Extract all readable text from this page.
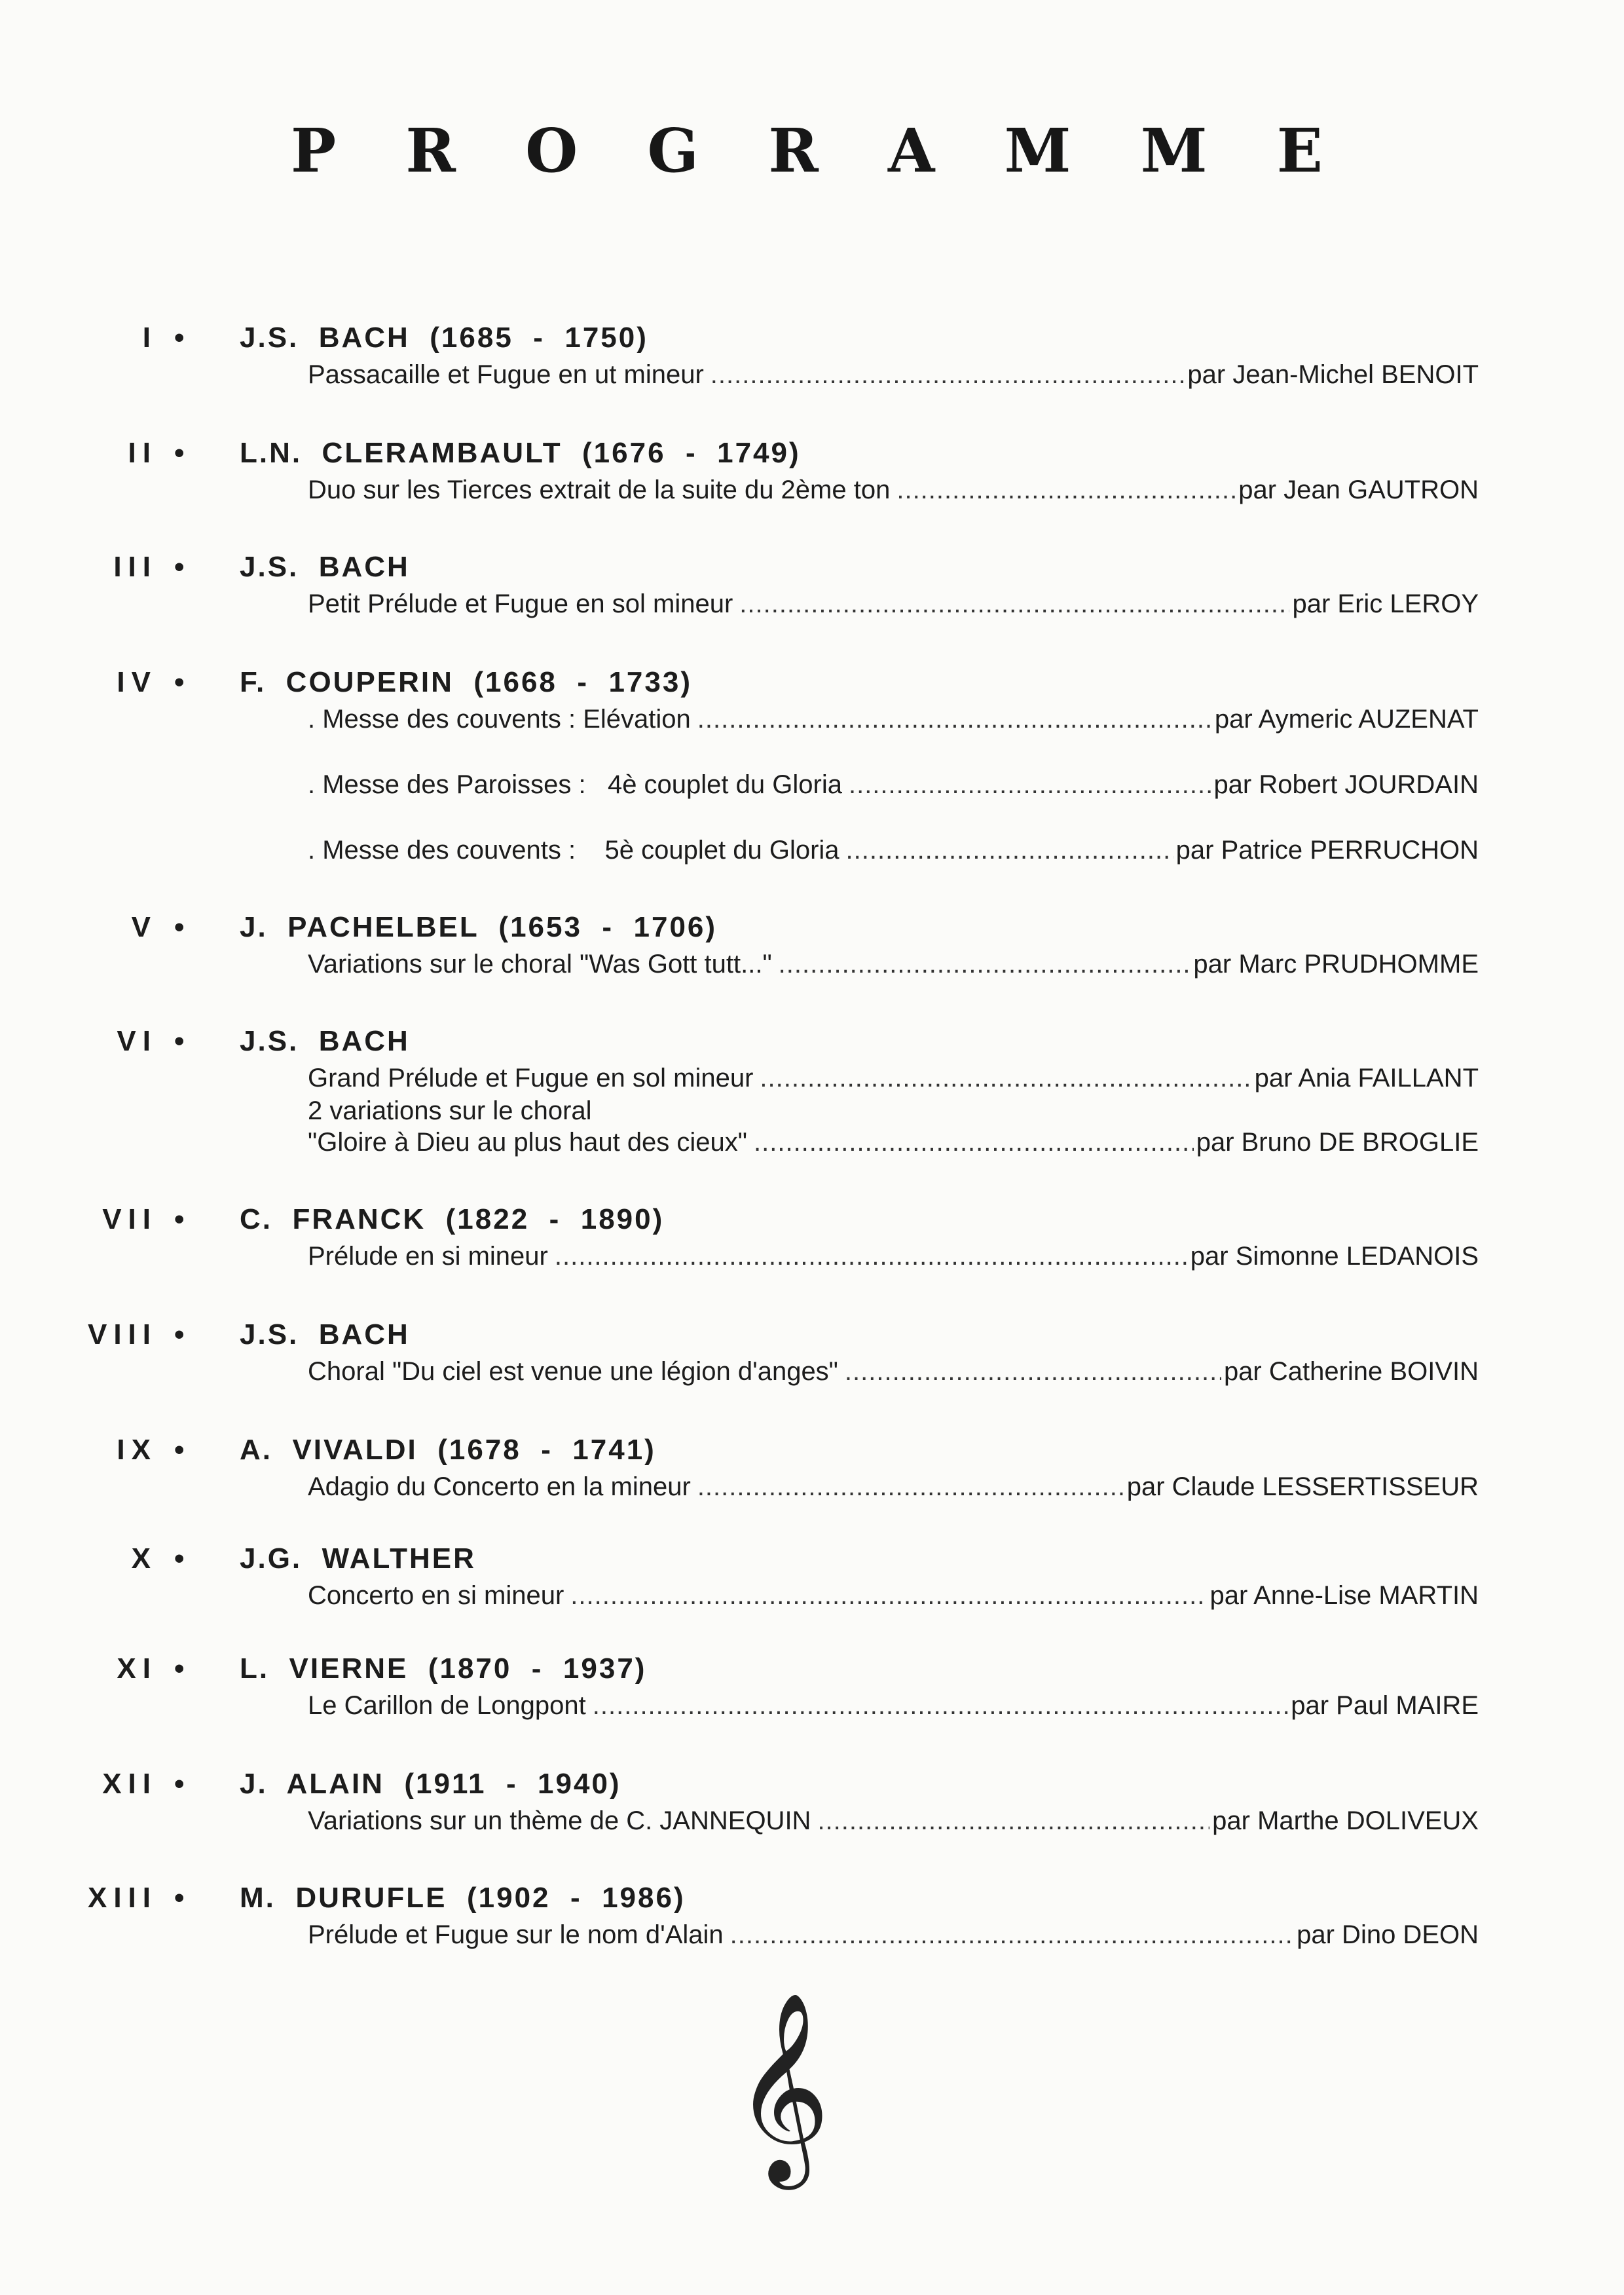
P R O G R A M M E
I • J.S.  BACH  (1685  -  1750)
Passacaille et Fugue en ut mineur .....	par Jean-Michel BENOIT
II • L.N.  CLERAMBAULT  (1676  -  1749)
Duo sur les Tierces extrait de la suite du 2ème ton .....	par Jean GAUTRON
III • J.S.  BACH
Petit Prélude et Fugue en sol mineur .....	par Eric LEROY
IV • F.  COUPERIN  (1668  -  1733)
. Messe des couvents : Elévation .....	par Aymeric AUZENAT
. Messe des Paroisses :   4è couplet du Gloria .....	par Robert JOURDAIN
. Messe des couvents :    5è couplet du Gloria .....	par Patrice PERRUCHON
V • J.  PACHELBEL  (1653  -  1706)
Variations sur le choral "Was Gott tutt..." .....	par Marc PRUDHOMME
VI • J.S.  BACH
Grand Prélude et Fugue en sol mineur .....	par Ania FAILLANT
2 variations sur le choral
"Gloire à Dieu au plus haut des cieux" .....	par Bruno DE BROGLIE
VII • C.  FRANCK  (1822  -  1890)
Prélude en si mineur .....	par Simonne LEDANOIS
VIII • J.S.  BACH
Choral "Du ciel est venue une légion d'anges" .....	par Catherine BOIVIN
IX • A.  VIVALDI  (1678  -  1741)
Adagio du Concerto en la mineur .....	par Claude LESSERTISSEUR
X • J.G.  WALTHER
Concerto en si mineur .....	par Anne-Lise MARTIN
XI • L.  VIERNE  (1870  -  1937)
Le Carillon de Longpont .....	par Paul MAIRE
XII • J.  ALAIN  (1911  -  1940)
Variations sur un thème de C. JANNEQUIN .....	par Marthe DOLIVEUX
XIII • M.  DURUFLE  (1902  -  1986)
Prélude et Fugue sur le nom d'Alain .....	par Dino DEON
𝄞
